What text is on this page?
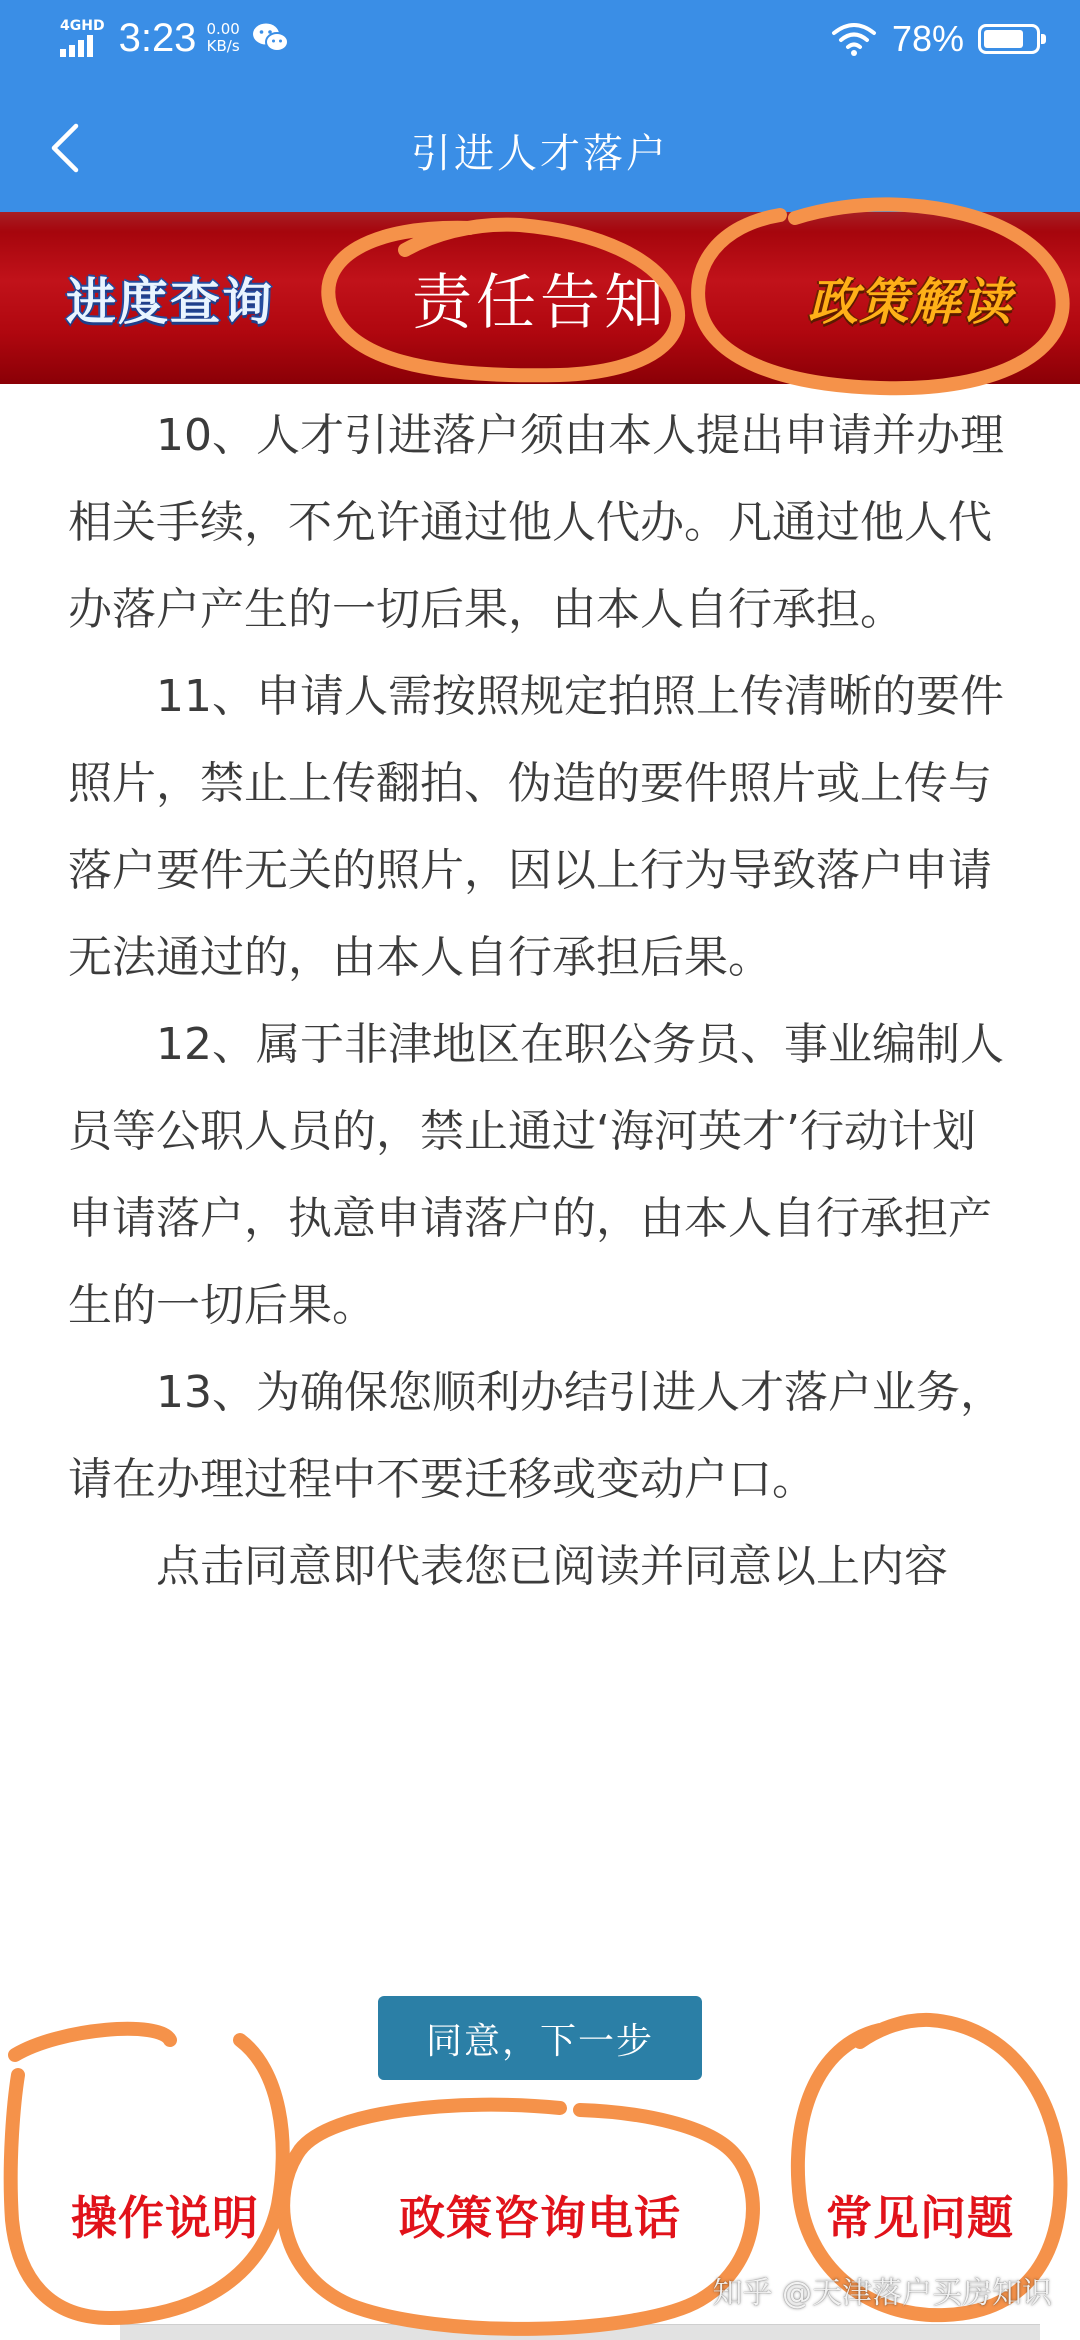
4GHD 3:23 0.00
KB/s	78%
引进人才落户
进度查询 责任告知	政策解读

10、人才引进落户须由本人提出申请并办理相关手续，不允许通过他人代办。凡通过他人代办落户产生的一切后果，由本人自行承担。

11、申请人需按照规定拍照上传清晰的要件照片，禁止上传翻拍、伪造的要件照片或上传与落户要件无关的照片，因以上行为导致落户申请无法通过的，由本人自行承担后果。

12、属于非津地区在职公务员、事业编制人员等公职人员的，禁止通过‘海河英才’行动计划申请落户，执意申请落户的，由本人自行承担产生的一切后果。

13、为确保您顺利办结引进人才落户业务，请在办理过程中不要迁移或变动户口。

点击同意即代表您已阅读并同意以上内容

同意，下一步
操作说明	政策咨询电话	常见问题
知乎 @天津落户买房知识
